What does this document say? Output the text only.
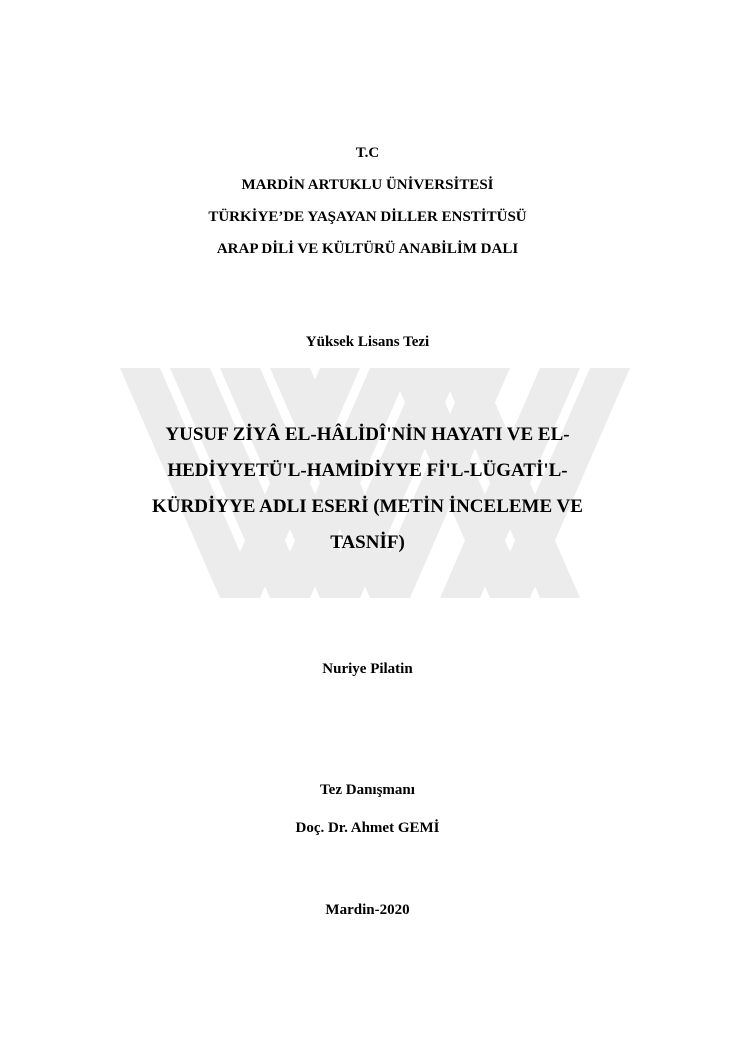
T.C
MARDİN ARTUKLU ÜNİVERSİTESİ
TÜRKİYE’DE YAŞAYAN DİLLER ENSTİTÜSÜ
ARAP DİLİ VE KÜLTÜRÜ ANABİLİM DALI
Yüksek Lisans Tezi
YUSUF ZİYÂ EL-HÂLİDÎ'NİN HAYATI VE EL-
HEDİYYETÜ'L-HAMİDİYYE Fİ'L-LÜGATİ'L-
KÜRDİYYE ADLI ESERİ (METİN İNCELEME VE
TASNİF)
Nuriye Pilatin
Tez Danışmanı
Doç. Dr. Ahmet GEMİ
Mardin-2020
